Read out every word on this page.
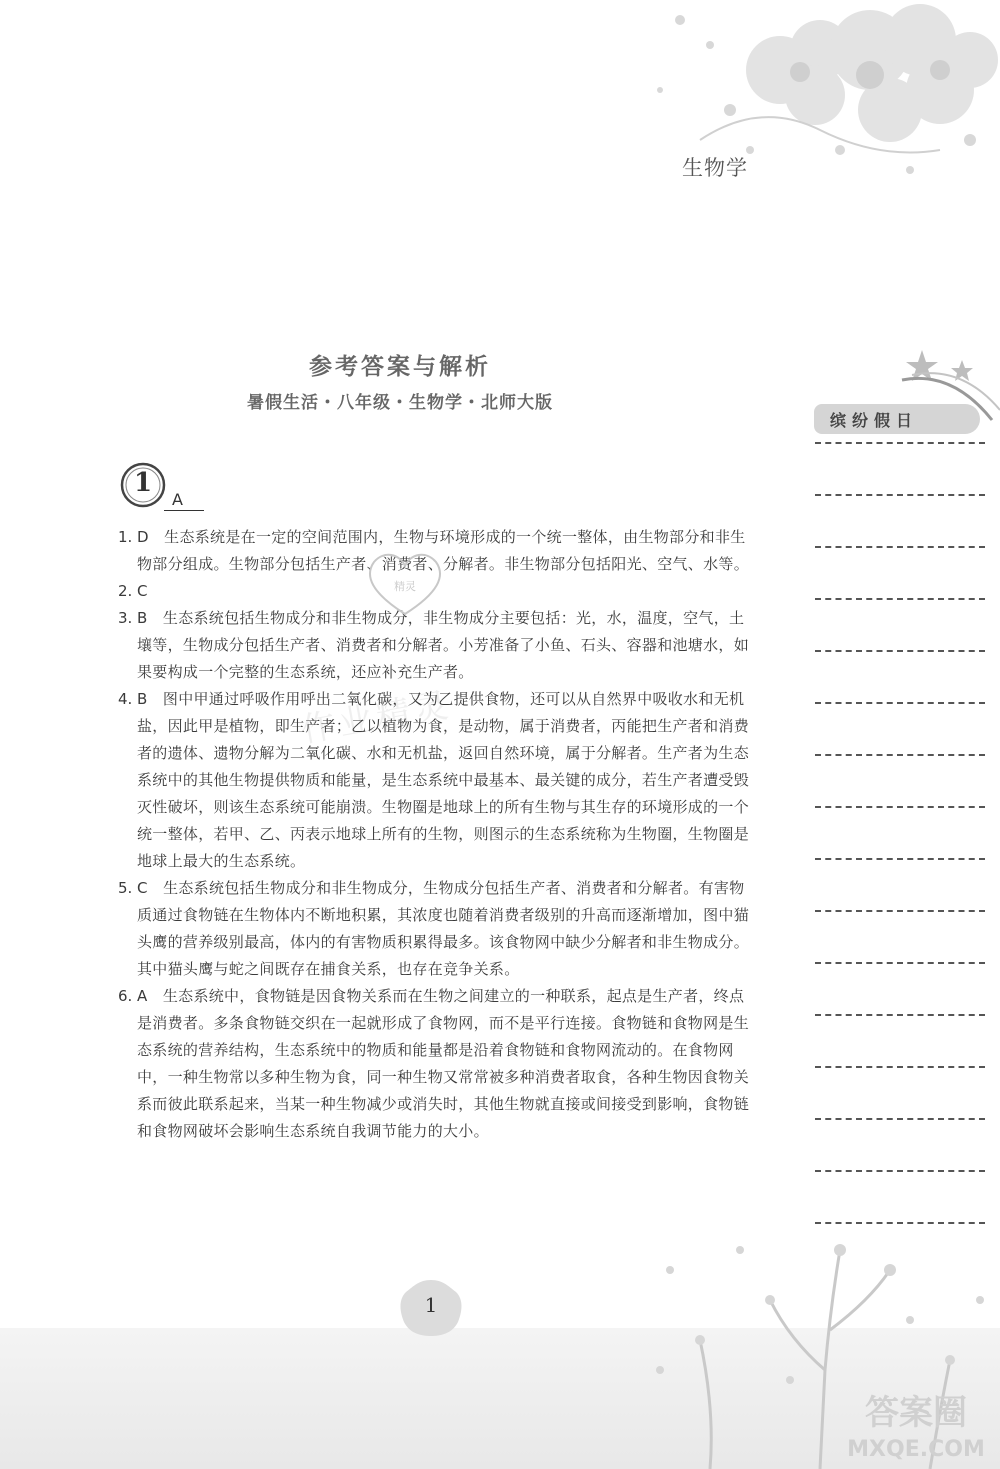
生物学
参考答案与解析
暑假生活・八年级・生物学・北师大版
缤纷假日
1
A

1. D　生态系统是在一定的空间范围内，生物与环境形成的一个统一整体，由生物部分和非生物部分组成。生物部分包括生产者、消费者、分解者。非生物部分包括阳光、空气、水等。

2. C

3. B　生态系统包括生物成分和非生物成分，非生物成分主要包括：光，水，温度，空气，土壤等，生物成分包括生产者、消费者和分解者。小芳准备了小鱼、石头、容器和池塘水，如果要构成一个完整的生态系统，还应补充生产者。

4. B　图中甲通过呼吸作用呼出二氧化碳，又为乙提供食物，还可以从自然界中吸收水和无机盐，因此甲是植物，即生产者；乙以植物为食，是动物，属于消费者，丙能把生产者和消费者的遗体、遗物分解为二氧化碳、水和无机盐，返回自然环境，属于分解者。生产者为生态系统中的其他生物提供物质和能量，是生态系统中最基本、最关键的成分，若生产者遭受毁灭性破坏，则该生态系统可能崩溃。生物圈是地球上的所有生物与其生存的环境形成的一个统一整体，若甲、乙、丙表示地球上所有的生物，则图示的生态系统称为生物圈，生物圈是地球上最大的生态系统。

5. C　生态系统包括生物成分和非生物成分，生物成分包括生产者、消费者和分解者。有害物质通过食物链在生物体内不断地积累，其浓度也随着消费者级别的升高而逐渐增加，图中猫头鹰的营养级别最高，体内的有害物质积累得最多。该食物网中缺少分解者和非生物成分。其中猫头鹰与蛇之间既存在捕食关系，也存在竞争关系。

6. A　生态系统中，食物链是因食物关系而在生物之间建立的一种联系，起点是生产者，终点是消费者。多条食物链交织在一起就形成了食物网，而不是平行连接。食物链和食物网是生态系统的营养结构，生态系统中的物质和能量都是沿着食物链和食物网流动的。在食物网中，一种生物常以多种生物为食，同一种生物又常常被多种消费者取食，各种生物因食物关系而彼此联系起来，当某一种生物减少或消失时，其他生物就直接或间接受到影响，食物链和食物网破坏会影响生态系统自我调节能力的大小。

精灵
作业精灵
1
答案圈
MXQE.COM
